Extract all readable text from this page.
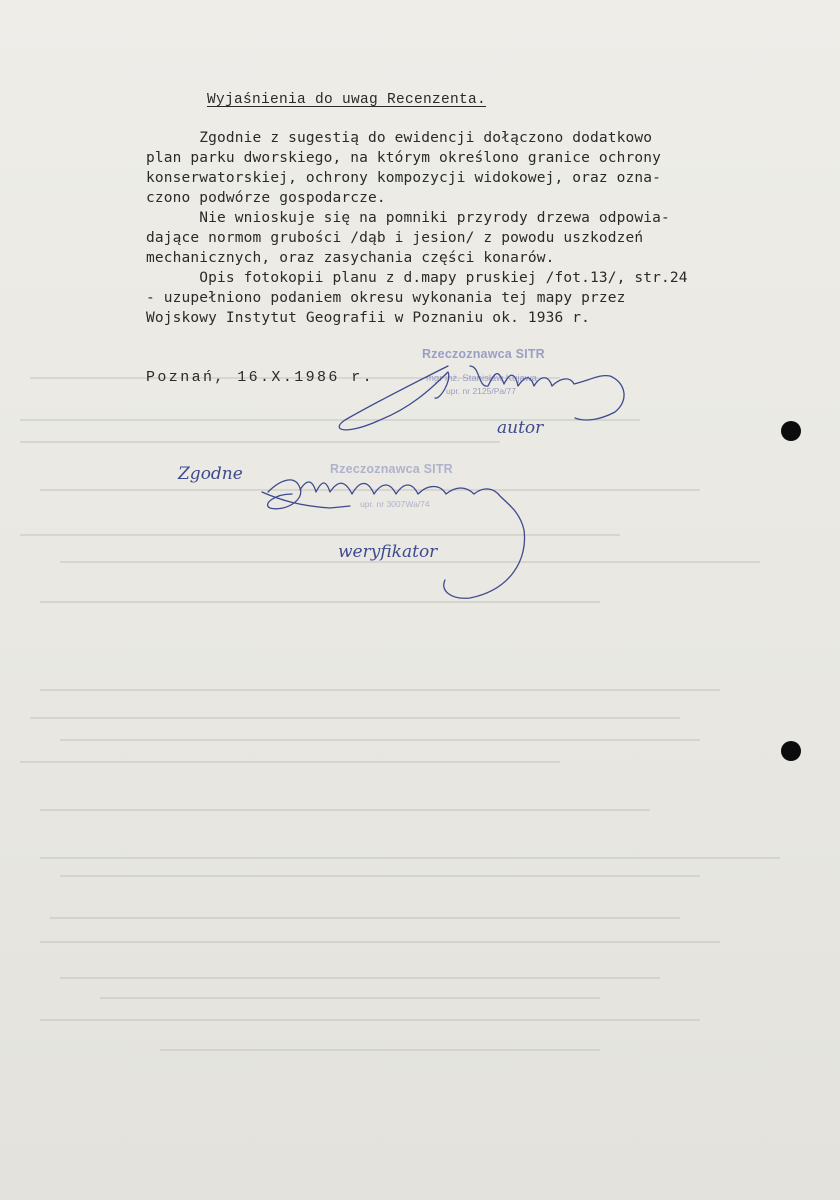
Wyjaśnienia do uwag Recenzenta.
Zgodnie z sugestią do ewidencji dołączono dodatkowo
plan parku dworskiego, na którym określono granice ochrony
konserwatorskiej, ochrony kompozycji widokowej, oraz ozna-
czono podwórze gospodarcze.
Nie wnioskuje się na pomniki przyrody drzewa odpowia-
dające normom grubości /dąb i jesion/ z powodu uszkodzeń
mechanicznych, oraz zasychania części konarów.
Opis fotokopii planu z d.mapy pruskiej /fot.13/, str.24
- uzupełniono podaniem okresu wykonania tej mapy przez
Wojskowy Instytut Geografii w Poznaniu ok. 1936 r.
Poznań, 16.X.1986 r.
Rzeczoznawca SITR
mgr inż. Stanisław Kujawa
upr. nr 2125/Pa/77
Rzeczoznawca SITR

upr. nr 3007Wa/74
autor
Zgodne
weryfikator
